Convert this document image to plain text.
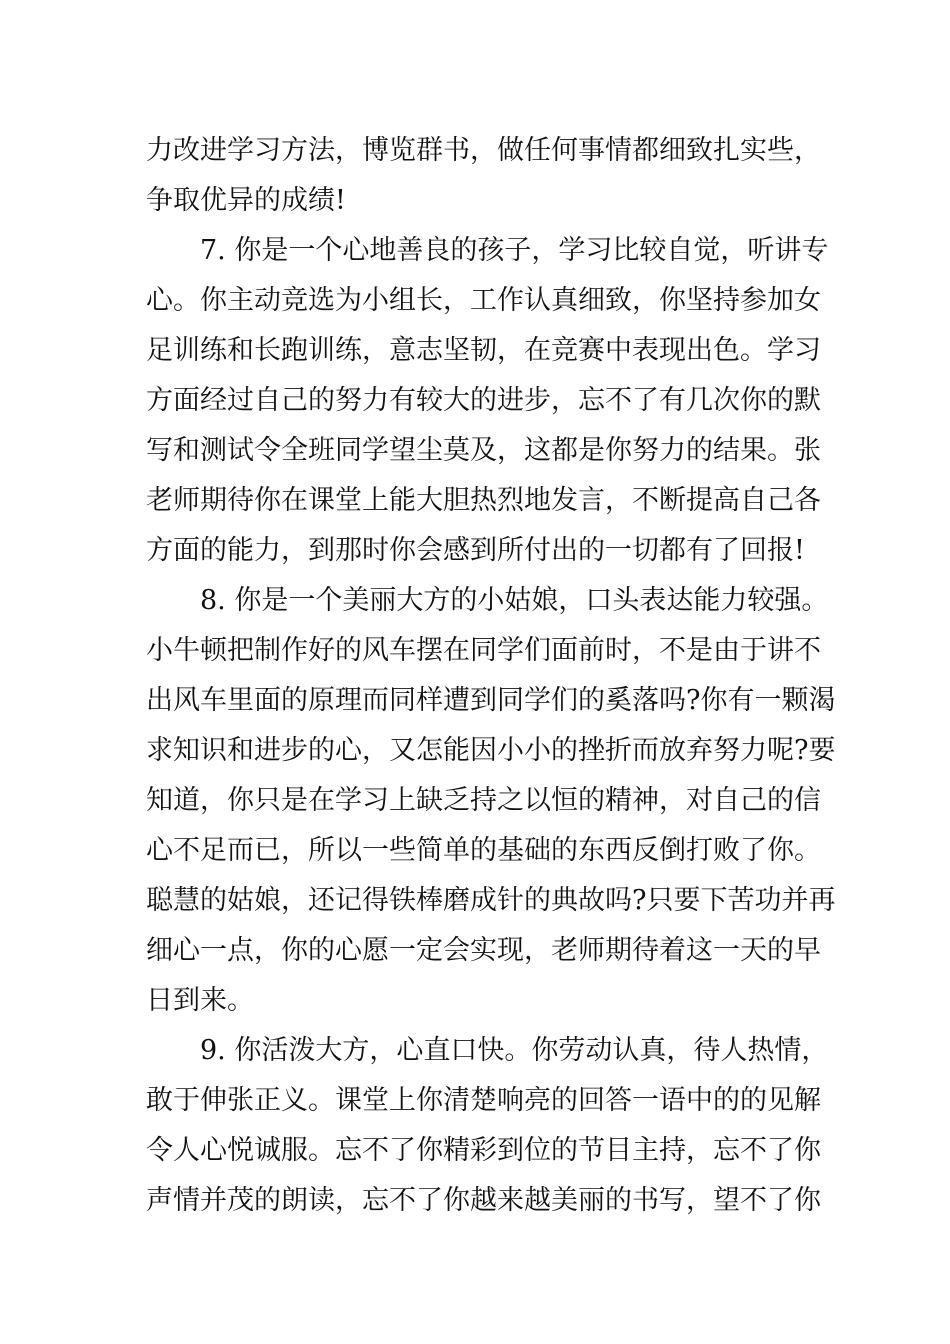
力改进学习方法，博览群书，做任何事情都细致扎实些，
争取优异的成绩!
7. 你是一个心地善良的孩子，学习比较自觉，听讲专
心。你主动竞选为小组长，工作认真细致，你坚持参加女
足训练和长跑训练，意志坚韧，在竞赛中表现出色。学习
方面经过自己的努力有较大的进步，忘不了有几次你的默
写和测试令全班同学望尘莫及，这都是你努力的结果。张
老师期待你在课堂上能大胆热烈地发言，不断提高自己各
方面的能力，到那时你会感到所付出的一切都有了回报!
8. 你是一个美丽大方的小姑娘，口头表达能力较强。
小牛顿把制作好的风车摆在同学们面前时，不是由于讲不
出风车里面的原理而同样遭到同学们的奚落吗?你有一颗渴
求知识和进步的心，又怎能因小小的挫折而放弃努力呢?要
知道，你只是在学习上缺乏持之以恒的精神，对自己的信
心不足而已，所以一些简单的基础的东西反倒打败了你。
聪慧的姑娘，还记得铁棒磨成针的典故吗?只要下苦功并再
细心一点，你的心愿一定会实现，老师期待着这一天的早
日到来。
9. 你活泼大方，心直口快。你劳动认真，待人热情，
敢于伸张正义。课堂上你清楚响亮的回答一语中的的见解
令人心悦诚服。忘不了你精彩到位的节目主持，忘不了你
声情并茂的朗读，忘不了你越来越美丽的书写，望不了你
